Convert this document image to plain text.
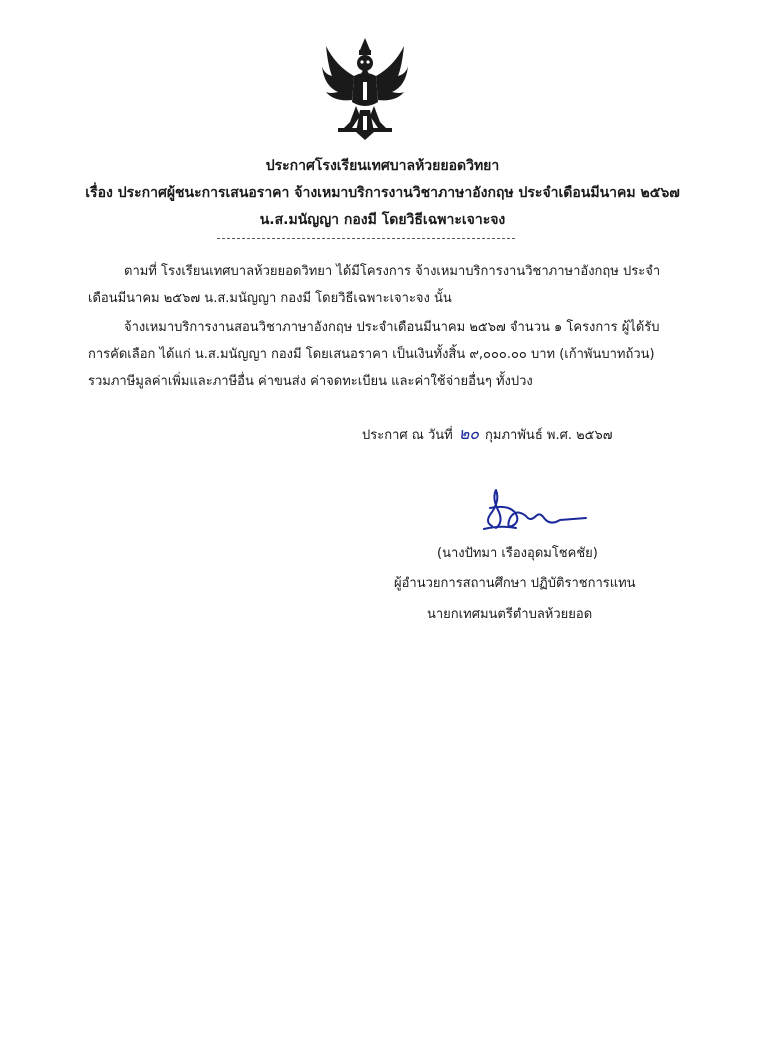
ประกาศโรงเรียนเทศบาลห้วยยอดวิทยา
เรื่อง ประกาศผู้ชนะการเสนอราคา จ้างเหมาบริการงานวิชาภาษาอังกฤษ ประจำเดือนมีนาคม ๒๕๖๗
น.ส.มนัญญา กองมี โดยวิธีเฉพาะเจาะจง
ตามที่ โรงเรียนเทศบาลห้วยยอดวิทยา ได้มีโครงการ จ้างเหมาบริการงานวิชาภาษาอังกฤษ ประจำเดือนมีนาคม ๒๕๖๗ น.ส.มนัญญา กองมี โดยวิธีเฉพาะเจาะจง นั้น
จ้างเหมาบริการงานสอนวิชาภาษาอังกฤษ ประจำเดือนมีนาคม ๒๕๖๗ จำนวน ๑ โครงการ ผู้ได้รับการคัดเลือก ได้แก่ น.ส.มนัญญา กองมี โดยเสนอราคา เป็นเงินทั้งสิ้น ๙,๐๐๐.๐๐ บาท (เก้าพันบาทถ้วน) รวมภาษีมูลค่าเพิ่มและภาษีอื่น ค่าขนส่ง ค่าจดทะเบียน และค่าใช้จ่ายอื่นๆ ทั้งปวง
ประกาศ ณ วันที่ ๒๐ กุมภาพันธ์ พ.ศ. ๒๕๖๗
(นางปัทมา เรืองอุดมโชคชัย)
ผู้อำนวยการสถานศึกษา ปฏิบัติราชการแทน
นายกเทศมนตรีตำบลห้วยยอด
